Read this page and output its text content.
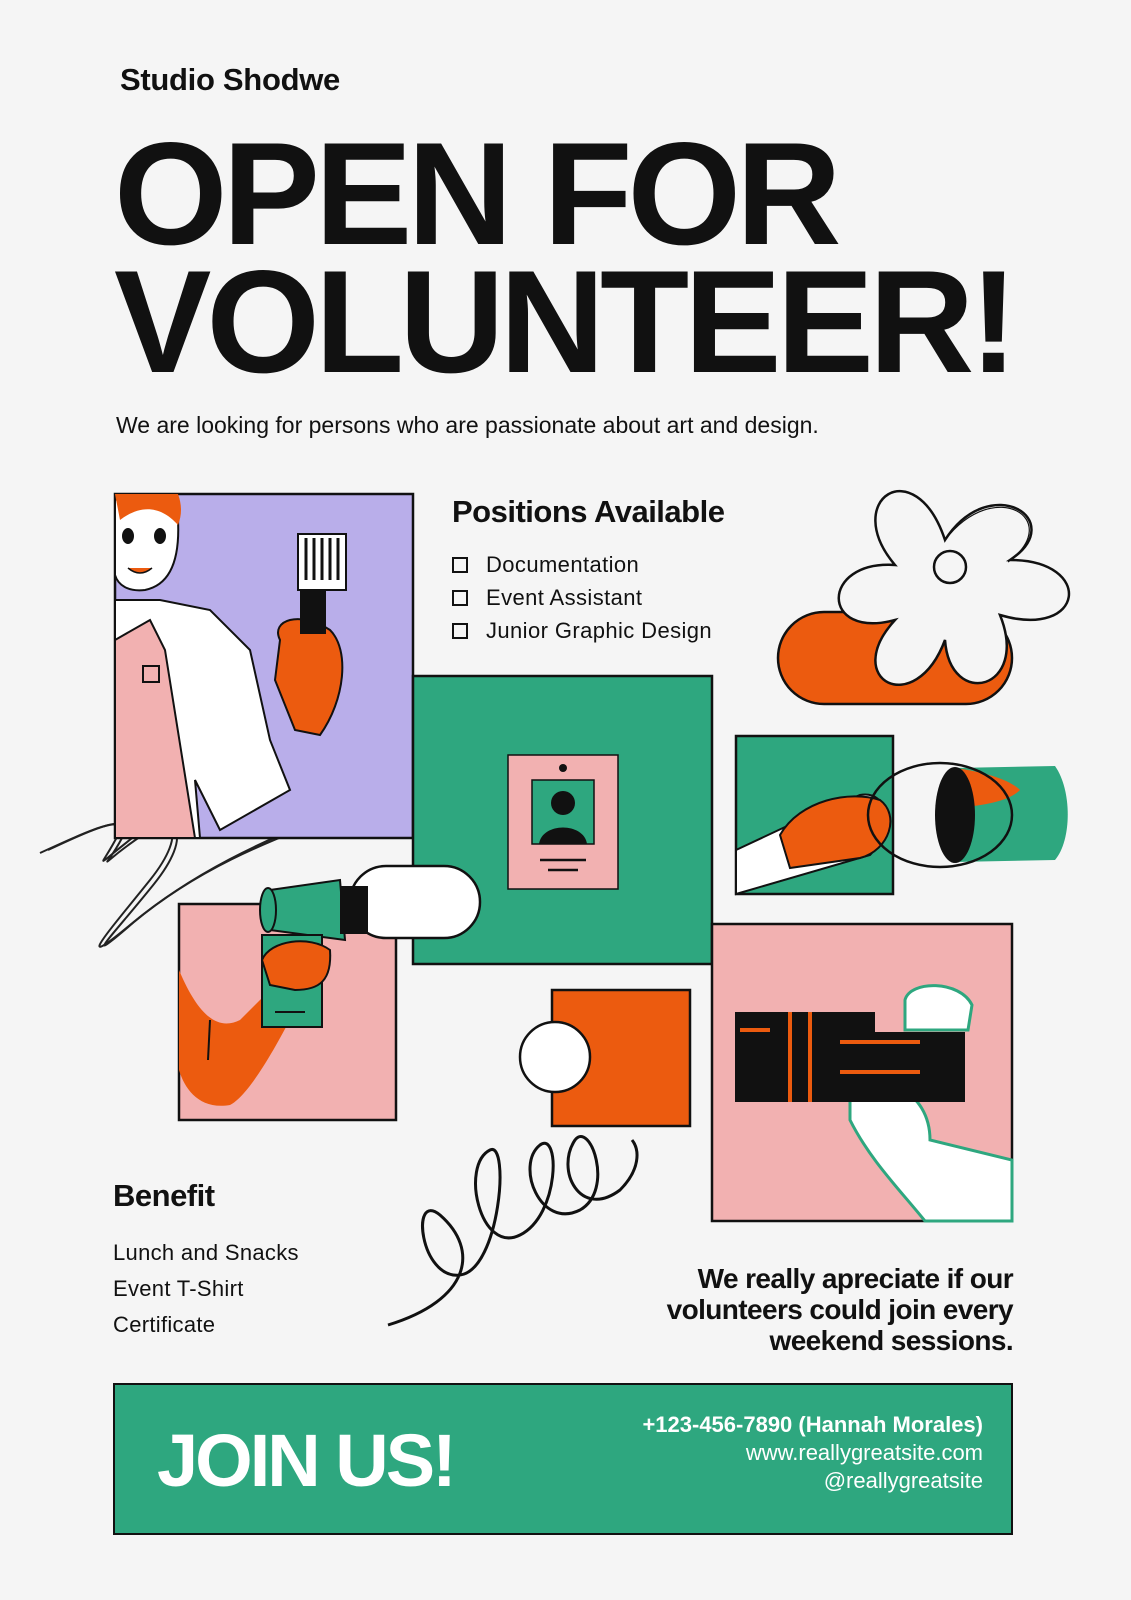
Studio Shodwe
OPEN FOR
VOLUNTEER!
We are looking for persons who are passionate about art and design.
Positions Available
Documentation
Event Assistant
Junior Graphic Design
Benefit
Lunch and Snacks
Event T-Shirt
Certificate
We really apreciate if our
volunteers could join every
weekend sessions.
JOIN US!	+123-456-7890 (Hannah Morales)
www.reallygreatsite.com
@reallygreatsite
